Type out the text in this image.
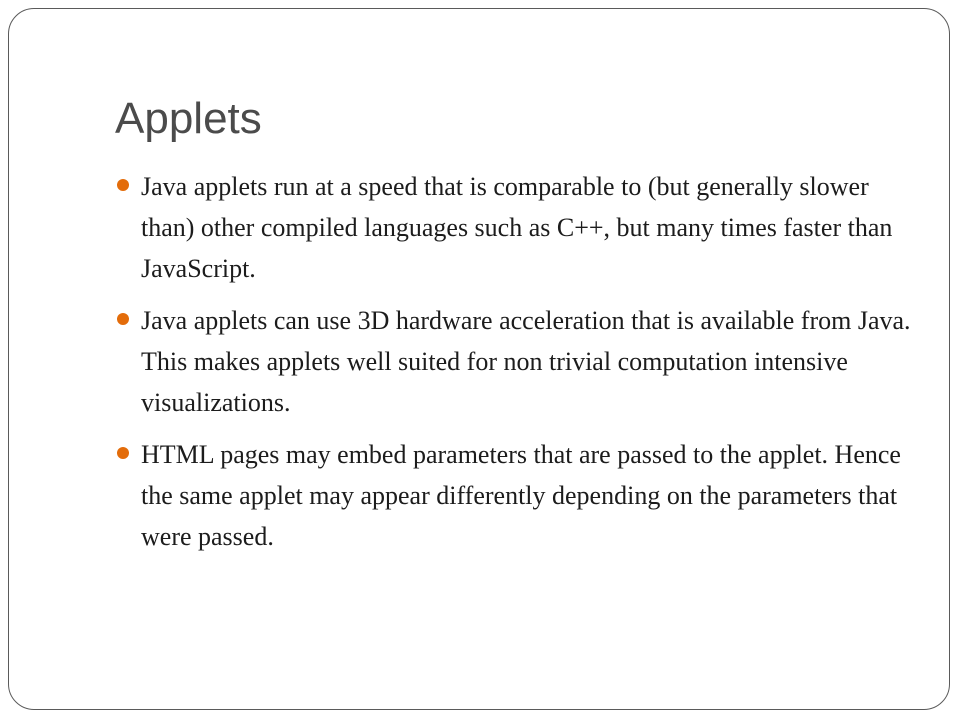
Applets
Java applets run at a speed that is comparable to (but generally slower than) other compiled languages such as C++, but many times faster than JavaScript.
Java applets can use 3D hardware acceleration that is available from Java. This makes applets well suited for non trivial computation intensive visualizations.
HTML pages may embed parameters that are passed to the applet. Hence the same applet may appear differently depending on the parameters that were passed.
